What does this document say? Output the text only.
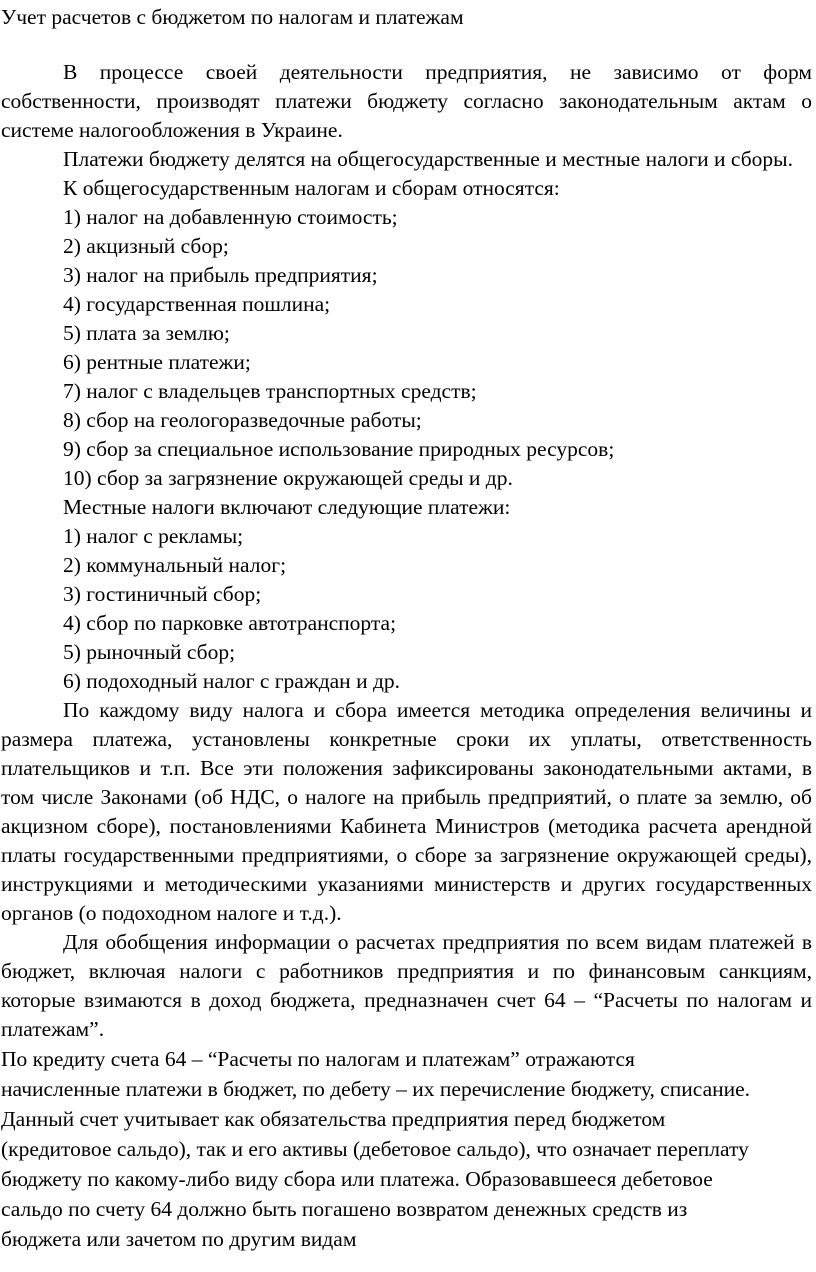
Учет расчетов с бюджетом по налогам и платежам

В процессе своей деятельности предприятия, не зависимо от форм собственности, производят платежи бюджету согласно законодательным актам о системе налогообложения в Украине.

Платежи бюджету делятся на общегосударственные и местные налоги и сборы.

К общегосударственным налогам и сборам относятся:

1) налог на добавленную стоимость;

2) акцизный сбор;

3) налог на прибыль предприятия;

4) государственная пошлина;

5) плата за землю;

6) рентные платежи;

7) налог с владельцев транспортных средств;

8) сбор на геологоразведочные работы;

9) сбор за специальное использование природных ресурсов;

10) сбор за загрязнение окружающей среды и др.

Местные налоги включают следующие платежи:

1) налог с рекламы;

2) коммунальный налог;

3) гостиничный сбор;

4) сбор по парковке автотранспорта;

5) рыночный сбор;

6) подоходный налог с граждан и др.

По каждому виду налога и сбора имеется методика определения величины и размера платежа, установлены конкретные сроки их уплаты, ответственность плательщиков и т.п. Все эти положения зафиксированы законодательными актами, в том числе Законами (об НДС, о налоге на прибыль предприятий, о плате за землю, об акцизном сборе), постановлениями Кабинета Министров (методика расчета арендной платы государственными предприятиями, о сборе за загрязнение окружающей среды), инструкциями и методическими указаниями министерств и других государственных органов (о подоходном налоге и т.д.).

Для обобщения информации о расчетах предприятия по всем видам платежей в бюджет, включая налоги с работников предприятия и по финансовым санкциям, которые взимаются в доход бюджета, предназначен счет 64 – “Расчеты по налогам и платежам”.

По кредиту счета 64 – “Расчеты по налогам и платежам” отражаются начисленные платежи в бюджет, по дебету – их перечисление бюджету, списание. Данный счет учитывает как обязательства предприятия перед бюджетом (кредитовое сальдо), так и его активы (дебетовое сальдо), что означает переплату бюджету по какому-либо виду сбора или платежа. Образовавшееся дебетовое сальдо по счету 64 должно быть погашено возвратом денежных средств из бюджета или зачетом по другим видам
